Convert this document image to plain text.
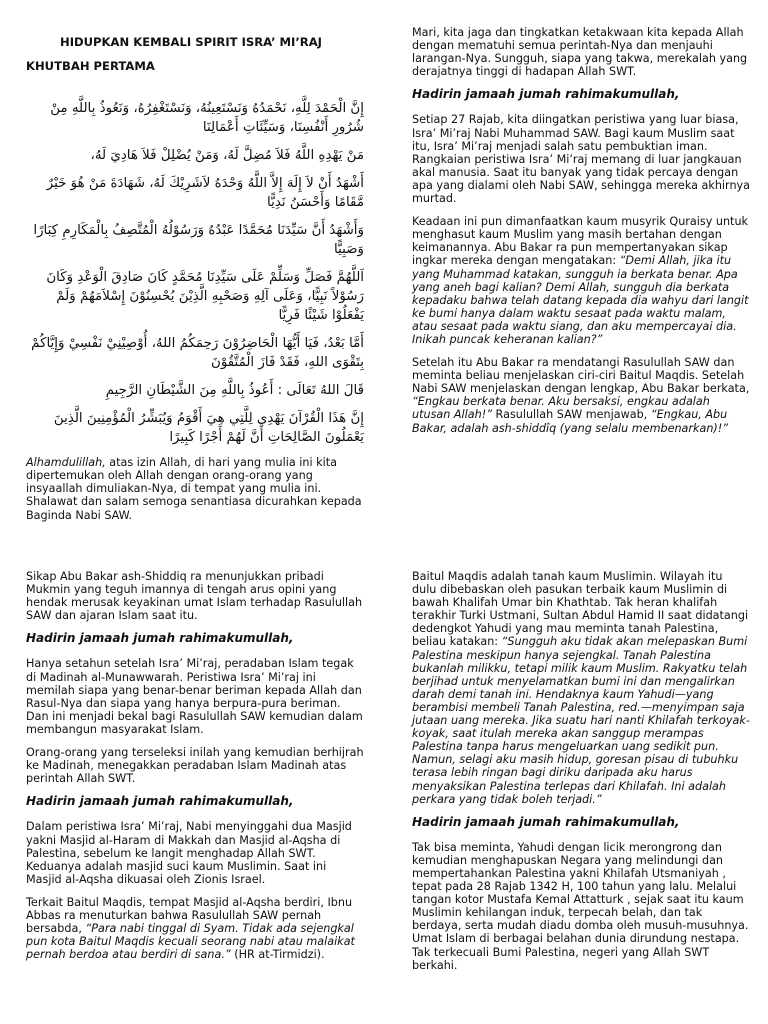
HIDUPKAN KEMBALI SPIRIT ISRA’ MI’RAJ
KHUTBAH PERTAMA

إِنَّ الْحَمْدَ لِلَّهِ، نَحْمَدُهُ وَنَسْتَعِينُهُ، وَنَسْتَغْفِرُهُ، وَنَعُوذُ بِاللَّهِ مِنْ شُرُورِ أَنْفُسِنَا، وَسَيِّئَاتِ أَعْمَالِنَا

مَنْ يَهْدِهِ اللَّهُ فَلاَ مُضِلَّ لَهُ، وَمَنْ يُضْلِلْ فَلاَ هَادِيَ لَهُ،

أَشْهَدُ أَنْ لاَ إِلَهَ إِلاَّ اللَّهُ وَحْدَهُ لاَشَرِيْكَ لَهُ، شَهَادَةَ مَنْ هُوَ خَيْرٌ مَّقَامًا وَأَحْسَنُ نَدِيًّا

وَأَشْهَدُ أَنَّ سَيِّدَنَا مُحَمَّدًا عَبْدُهُ وَرَسُوْلُهُ الْمُتَّصِفُ بِالْمَكَارِمِ كِبَارًا وَصَبِيًّا

اَللَّهُمَّ فَصَلِّ وَسَلِّمْ عَلَى سَيِّدِنَا مُحَمَّدٍ كَانَ صَادِقَ الْوَعْدِ وَكَانَ رَسُوْلاً نَبِيًّا، وَعَلَى آلِهِ وَصَحْبِهِ الَّذِيْنَ يُحْسِنُوْنَ إِسْلاَمَهُمْ وَلَمْ يَفْعَلُوْا شَيْئًا فَرِيًّا

أَمَّا بَعْدُ، فَيَا أَيُّهَا الْحَاضِرُوْنَ رَحِمَكُمُ اللهُ، أُوْصِيْنِيْ نَفْسِيْ وَإِيَّاكُمْ بِتَقْوَى اللهِ، فَقَدْ فَازَ الْمُتَّقُوْنَ

قَالَ اللهُ تَعَالَى : أَعُوذُ بِاللَّهِ مِنَ الشَّيْطَانِ الرَّجِيمِ

إِنَّ هَذَا الْقُرْآنَ يَهْدِي لِلَّتِي هِيَ أَقْوَمُ وَيُبَشِّرُ الْمُؤْمِنِينَ الَّذِينَ يَعْمَلُونَ الصَّالِحَاتِ أَنَّ لَهُمْ أَجْرًا كَبِيرًا

Alhamdulillah, atas izin Allah, di hari yang mulia ini kita dipertemukan oleh Allah dengan orang-orang yang insyaallah dimuliakan-Nya, di tempat yang mulia ini. Shalawat dan salam semoga senantiasa dicurahkan kepada Baginda Nabi SAW.

Mari, kita jaga dan tingkatkan ketakwaan kita kepada Allah dengan mematuhi semua perintah-Nya dan menjauhi larangan-Nya. Sungguh, siapa yang takwa, merekalah yang derajatnya tinggi di hadapan Allah SWT.

Hadirin jamaah jumah rahimakumullah,

Setiap 27 Rajab, kita diingatkan peristiwa yang luar biasa, Isra’ Mi’raj Nabi Muhammad SAW. Bagi kaum Muslim saat itu, Isra’ Mi’raj menjadi salah satu pembuktian iman. Rangkaian peristiwa Isra’ Mi’raj memang di luar jangkauan akal manusia. Saat itu banyak yang tidak percaya dengan apa yang dialami oleh Nabi SAW, sehingga mereka akhirnya murtad.

Keadaan ini pun dimanfaatkan kaum musyrik Quraisy untuk menghasut kaum Muslim yang masih bertahan dengan keimanannya. Abu Bakar ra pun mempertanyakan sikap ingkar mereka dengan mengatakan: “Demi Allah, jika itu yang Muhammad katakan, sungguh ia berkata benar. Apa yang aneh bagi kalian? Demi Allah, sungguh dia berkata kepadaku bahwa telah datang kepada dia wahyu dari langit ke bumi hanya dalam waktu sesaat pada waktu malam, atau sesaat pada waktu siang, dan aku mempercayai dia. Inikah puncak keheranan kalian?”

Setelah itu Abu Bakar ra mendatangi Rasulullah SAW dan meminta beliau menjelaskan ciri-ciri Baitul Maqdis. Setelah Nabi SAW menjelaskan dengan lengkap, Abu Bakar berkata, “Engkau berkata benar. Aku bersaksi, engkau adalah utusan Allah!” Rasulullah SAW menjawab, “Engkau, Abu Bakar, adalah ash-shiddîq (yang selalu membenarkan)!”

Sikap Abu Bakar ash-Shiddiq ra menunjukkan pribadi Mukmin yang teguh imannya di tengah arus opini yang hendak merusak keyakinan umat Islam terhadap Rasulullah SAW dan ajaran Islam saat itu.

Hadirin jamaah jumah rahimakumullah,

Hanya setahun setelah Isra’ Mi’raj, peradaban Islam tegak di Madinah al-Munawwarah. Peristiwa Isra’ Mi’raj ini memilah siapa yang benar-benar beriman kepada Allah dan Rasul-Nya dan siapa yang hanya berpura-pura beriman. Dan ini menjadi bekal bagi Rasulullah SAW kemudian dalam membangun masyarakat Islam.

Orang-orang yang terseleksi inilah yang kemudian berhijrah ke Madinah, menegakkan peradaban Islam Madinah atas perintah Allah SWT.

Hadirin jamaah jumah rahimakumullah,

Dalam peristiwa Isra’ Mi’raj, Nabi menyinggahi dua Masjid yakni Masjid al-Haram di Makkah dan Masjid al-Aqsha di Palestina, sebelum ke langit menghadap Allah SWT. Keduanya adalah masjid suci kaum Muslimin. Saat ini Masjid al-Aqsha dikuasai oleh Zionis Israel.

Terkait Baitul Maqdis, tempat Masjid al-Aqsha berdiri, Ibnu Abbas ra menuturkan bahwa Rasulullah SAW pernah bersabda, “Para nabi tinggal di Syam. Tidak ada sejengkal pun kota Baitul Maqdis kecuali seorang nabi atau malaikat pernah berdoa atau berdiri di sana.” (HR at-Tirmidzi).

Baitul Maqdis adalah tanah kaum Muslimin. Wilayah itu dulu dibebaskan oleh pasukan terbaik kaum Muslimin di bawah Khalifah Umar bin Khathtab. Tak heran khalifah terakhir Turki Ustmani, Sultan Abdul Hamid II saat didatangi dedengkot Yahudi yang mau meminta tanah Palestina, beliau katakan: “Sungguh aku tidak akan melepaskan Bumi Palestina meskipun hanya sejengkal. Tanah Palestina bukanlah milikku, tetapi milik kaum Muslim. Rakyatku telah berjihad untuk menyelamatkan bumi ini dan mengalirkan darah demi tanah ini. Hendaknya kaum Yahudi—yang berambisi membeli Tanah Palestina, red.—menyimpan saja jutaan uang mereka. Jika suatu hari nanti Khilafah terkoyak-koyak, saat itulah mereka akan sanggup merampas Palestina tanpa harus mengeluarkan uang sedikit pun. Namun, selagi aku masih hidup, goresan pisau di tubuhku terasa lebih ringan bagi diriku daripada aku harus menyaksikan Palestina terlepas dari Khilafah. Ini adalah perkara yang tidak boleh terjadi.”

Hadirin jamaah jumah rahimakumullah,

Tak bisa meminta, Yahudi dengan licik merongrong dan kemudian menghapuskan Negara yang melindungi dan mempertahankan Palestina yakni Khilafah Utsmaniyah , tepat pada 28 Rajab 1342 H, 100 tahun yang lalu. Melalui tangan kotor Mustafa Kemal Attatturk , sejak saat itu kaum Muslimin kehilangan induk, terpecah belah, dan tak berdaya, serta mudah diadu domba oleh musuh-musuhnya. Umat Islam di berbagai belahan dunia dirundung nestapa. Tak terkecuali Bumi Palestina, negeri yang Allah SWT berkahi.
